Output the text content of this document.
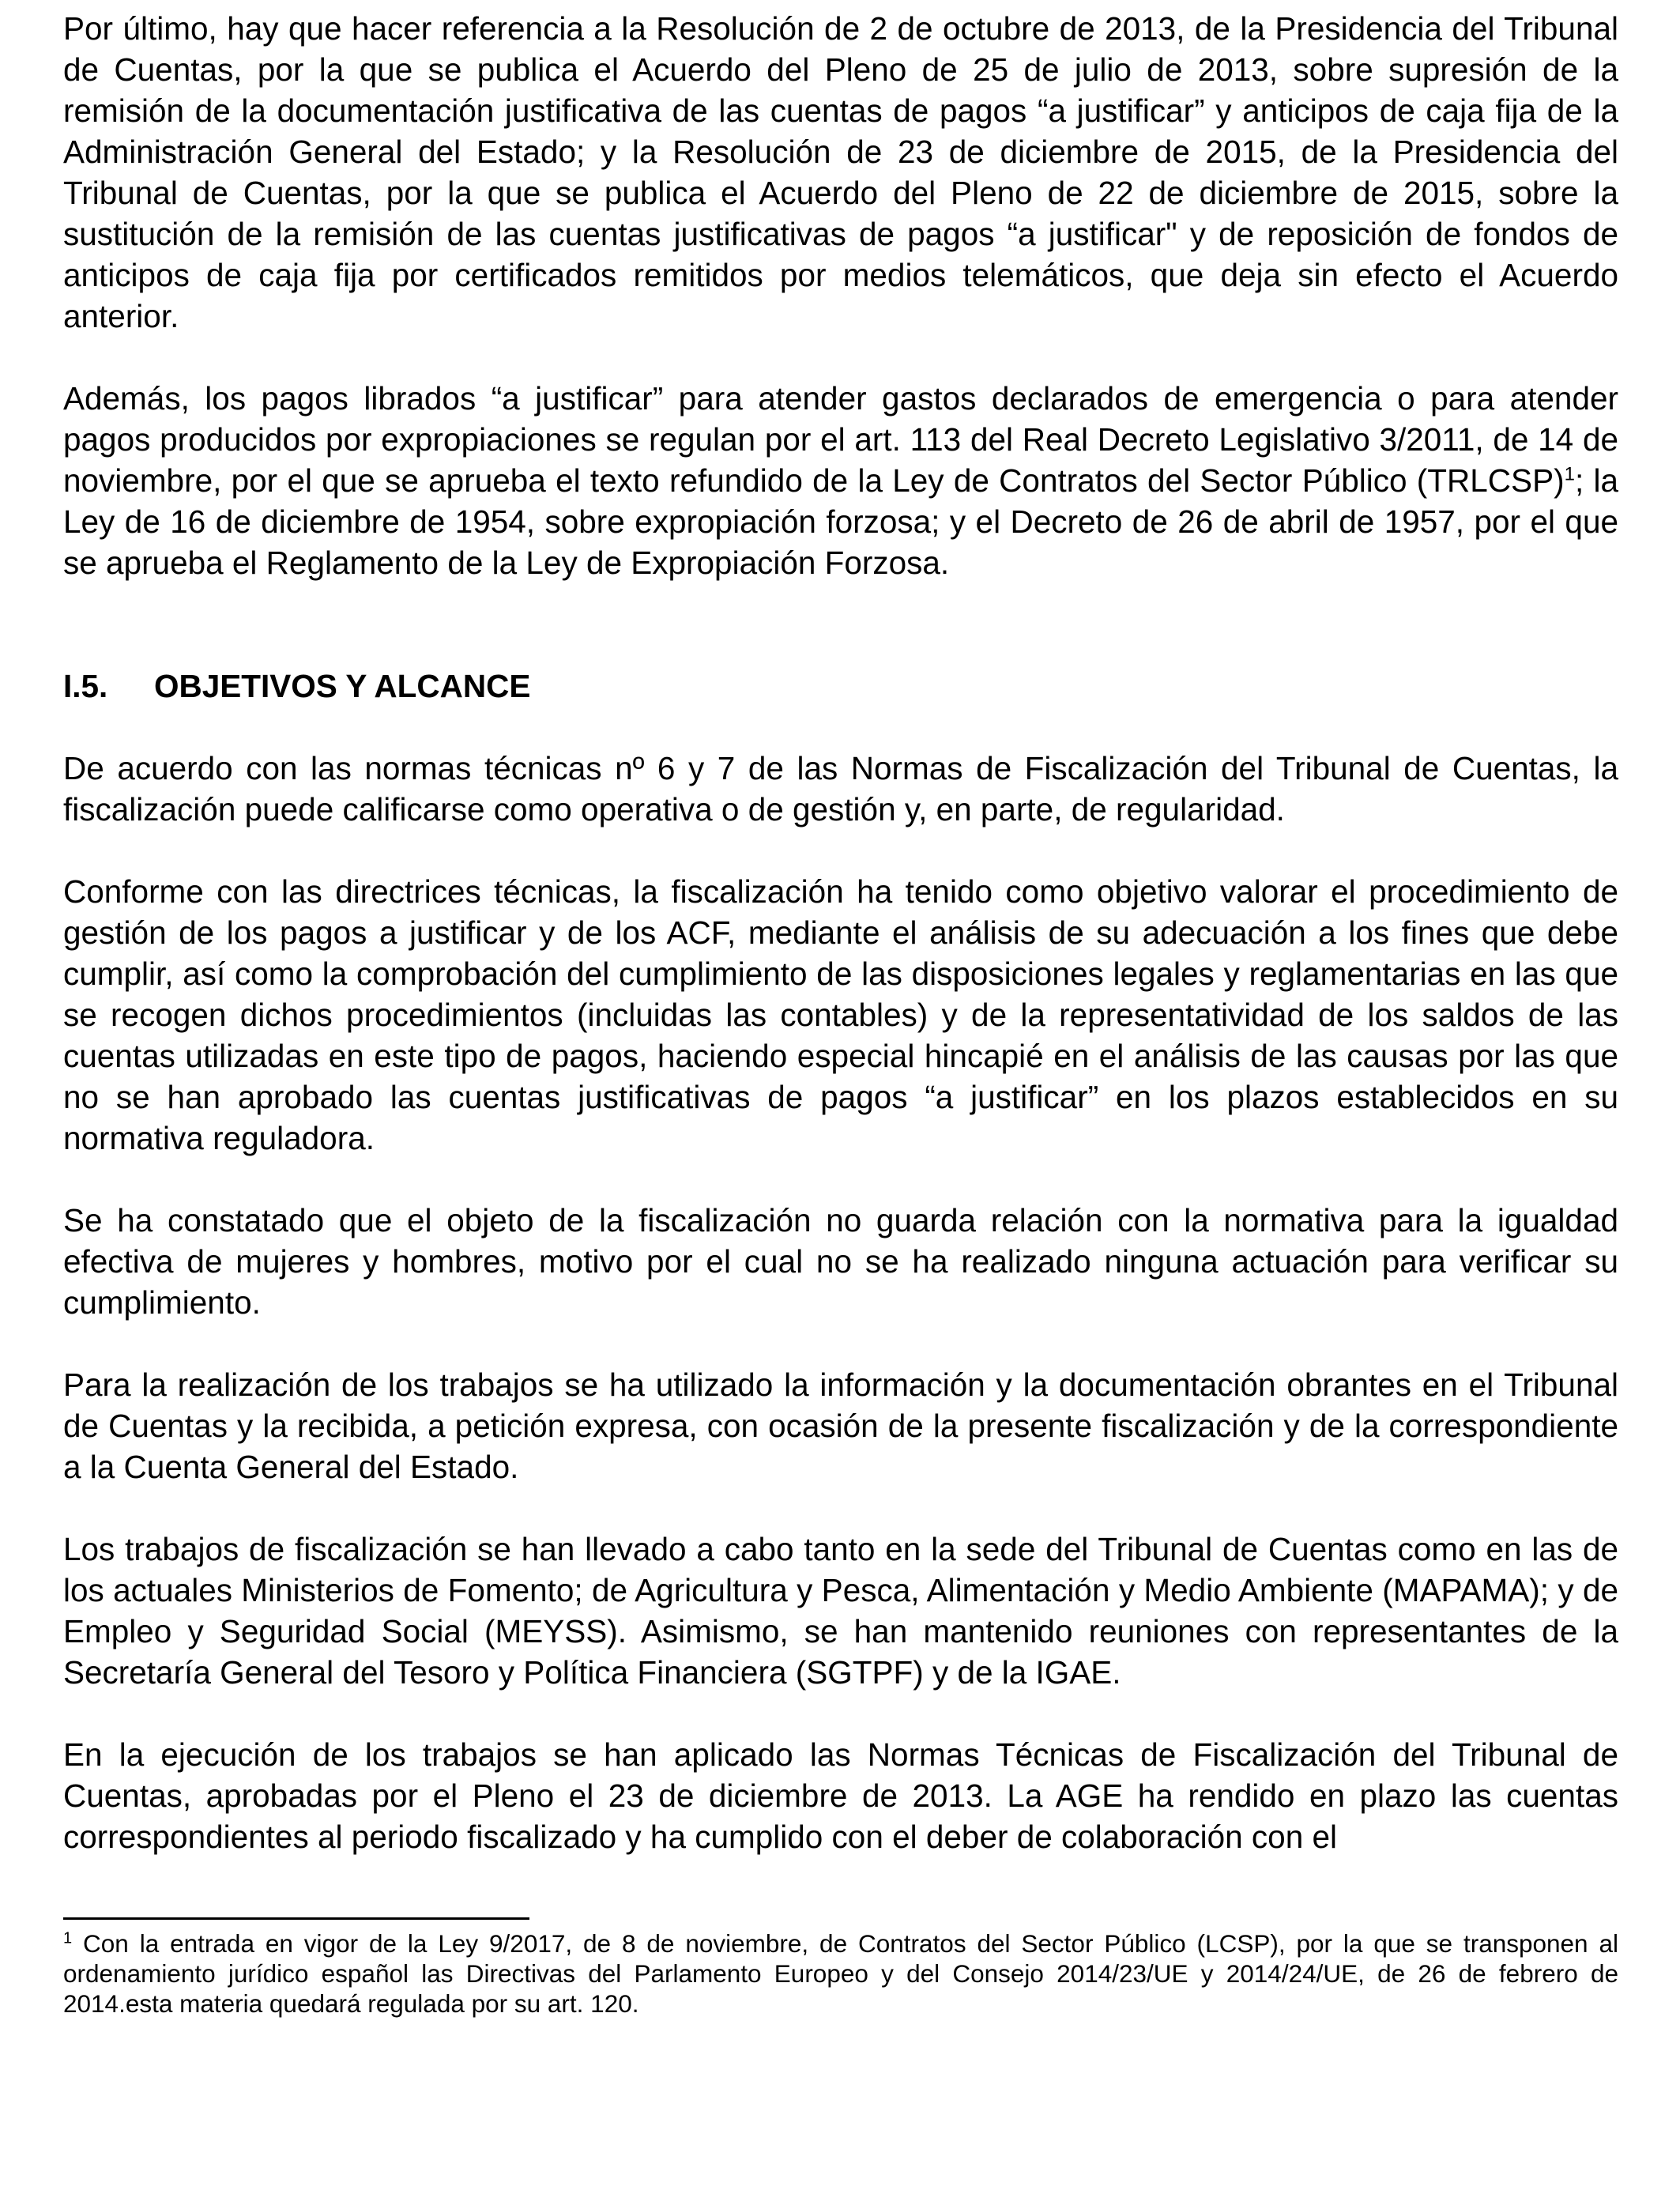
Por último, hay que hacer referencia a la Resolución de 2 de octubre de 2013, de la Presidencia del Tribunal de Cuentas, por la que se publica el Acuerdo del Pleno de 25 de julio de 2013, sobre supresión de la remisión de la documentación justificativa de las cuentas de pagos “a justificar” y anticipos de caja fija de la Administración General del Estado; y la Resolución de 23 de diciembre de 2015, de la Presidencia del Tribunal de Cuentas, por la que se publica el Acuerdo del Pleno de 22 de diciembre de 2015, sobre la sustitución de la remisión de las cuentas justificativas de pagos “a justificar" y de reposición de fondos de anticipos de caja fija por certificados remitidos por medios telemáticos, que deja sin efecto el Acuerdo anterior.

Además, los pagos librados “a justificar” para atender gastos declarados de emergencia o para atender pagos producidos por expropiaciones se regulan por el art. 113 del Real Decreto Legislativo 3/2011, de 14 de noviembre, por el que se aprueba el texto refundido de la Ley de Contratos del Sector Público (TRLCSP)$^1$; la Ley de 16 de diciembre de 1954, sobre expropiación forzosa; y el Decreto de 26 de abril de 1957, por el que se aprueba el Reglamento de la Ley de Expropiación Forzosa.

I.5.	OBJETIVOS Y ALCANCE

De acuerdo con las normas técnicas nº 6 y 7 de las Normas de Fiscalización del Tribunal de Cuentas, la fiscalización puede calificarse como operativa o de gestión y, en parte, de regularidad.

Conforme con las directrices técnicas, la fiscalización ha tenido como objetivo valorar el procedimiento de gestión de los pagos a justificar y de los ACF, mediante el análisis de su adecuación a los fines que debe cumplir, así como la comprobación del cumplimiento de las disposiciones legales y reglamentarias en las que se recogen dichos procedimientos (incluidas las contables) y de la representatividad de los saldos de las cuentas utilizadas en este tipo de pagos, haciendo especial hincapié en el análisis de las causas por las que no se han aprobado las cuentas justificativas de pagos “a justificar” en los plazos establecidos en su normativa reguladora.

Se ha constatado que el objeto de la fiscalización no guarda relación con la normativa para la igualdad efectiva de mujeres y hombres, motivo por el cual no se ha realizado ninguna actuación para verificar su cumplimiento.

Para la realización de los trabajos se ha utilizado la información y la documentación obrantes en el Tribunal de Cuentas y la recibida, a petición expresa, con ocasión de la presente fiscalización y de la correspondiente a la Cuenta General del Estado.

Los trabajos de fiscalización se han llevado a cabo tanto en la sede del Tribunal de Cuentas como en las de los actuales Ministerios de Fomento; de Agricultura y Pesca, Alimentación y Medio Ambiente (MAPAMA); y de Empleo y Seguridad Social (MEYSS). Asimismo, se han mantenido reuniones con representantes de la Secretaría General del Tesoro y Política Financiera (SGTPF) y de la IGAE.

En la ejecución de los trabajos se han aplicado las Normas Técnicas de Fiscalización del Tribunal de Cuentas, aprobadas por el Pleno el 23 de diciembre de 2013. La AGE ha rendido en plazo las cuentas correspondientes al periodo fiscalizado y ha cumplido con el deber de colaboración con el

$^1$ Con la entrada en vigor de la Ley 9/2017, de 8 de noviembre, de Contratos del Sector Público (LCSP), por la que se transponen al ordenamiento jurídico español las Directivas del Parlamento Europeo y del Consejo 2014/23/UE y 2014/24/UE, de 26 de febrero de 2014.esta materia quedará regulada por su art. 120.
